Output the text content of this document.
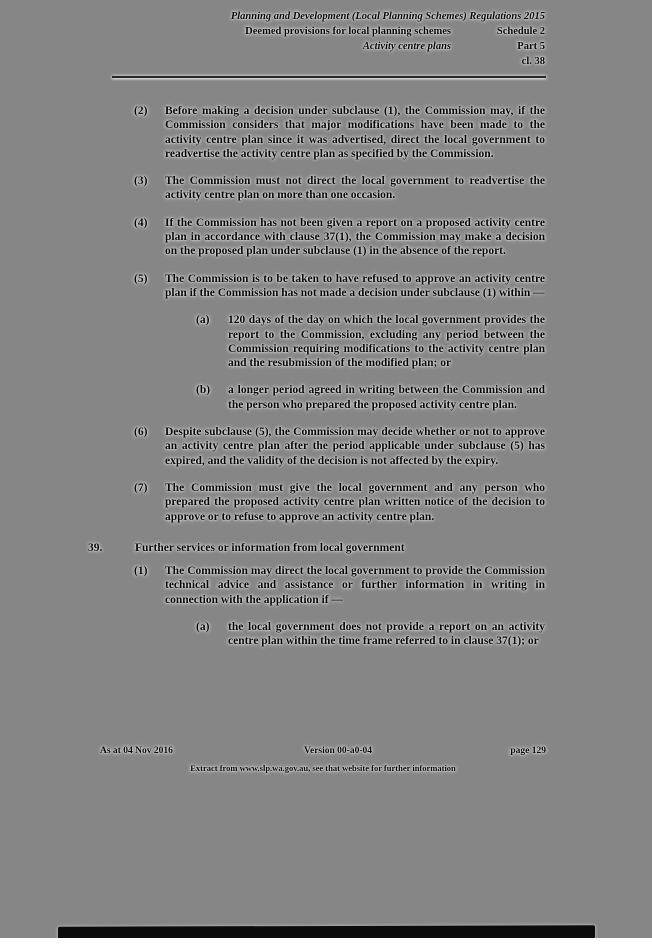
Planning and Development (Local Planning Schemes) Regulations 2015
Deemed provisions for local planning schemes	Schedule 2
Activity centre plans	Part 5
cl. 38
(2)	Before making a decision under subclause (1), the Commission may, if the Commission considers that major modifications have been made to the activity centre plan since it was advertised, direct the local government to readvertise the activity centre plan as specified by the Commission.
(3)	The Commission must not direct the local government to readvertise the activity centre plan on more than one occasion.
(4)	If the Commission has not been given a report on a proposed activity centre plan in accordance with clause 37(1), the Commission may make a decision on the proposed plan under subclause (1) in the absence of the report.
(5)	The Commission is to be taken to have refused to approve an activity centre plan if the Commission has not made a decision under subclause (1) within —
(a) 120 days of the day on which the local government provides the report to the Commission, excluding any period between the Commission requiring modifications to the activity centre plan and the resubmission of the modified plan; or
(b) a longer period agreed in writing between the Commission and the person who prepared the proposed activity centre plan.
(6)	Despite subclause (5), the Commission may decide whether or not to approve an activity centre plan after the period applicable under subclause (5) has expired, and the validity of the decision is not affected by the expiry.
(7)	The Commission must give the local government and any person who prepared the proposed activity centre plan written notice of the decision to approve or to refuse to approve an activity centre plan.
39.	Further services or information from local government
(1)	The Commission may direct the local government to provide the Commission technical advice and assistance or further information in writing in connection with the application if —
(a) the local government does not provide a report on an activity centre plan within the time frame referred to in clause 37(1); or
As at 04 Nov 2016	Version 00-a0-04	page 129
Extract from www.slp.wa.gov.au, see that website for further information
